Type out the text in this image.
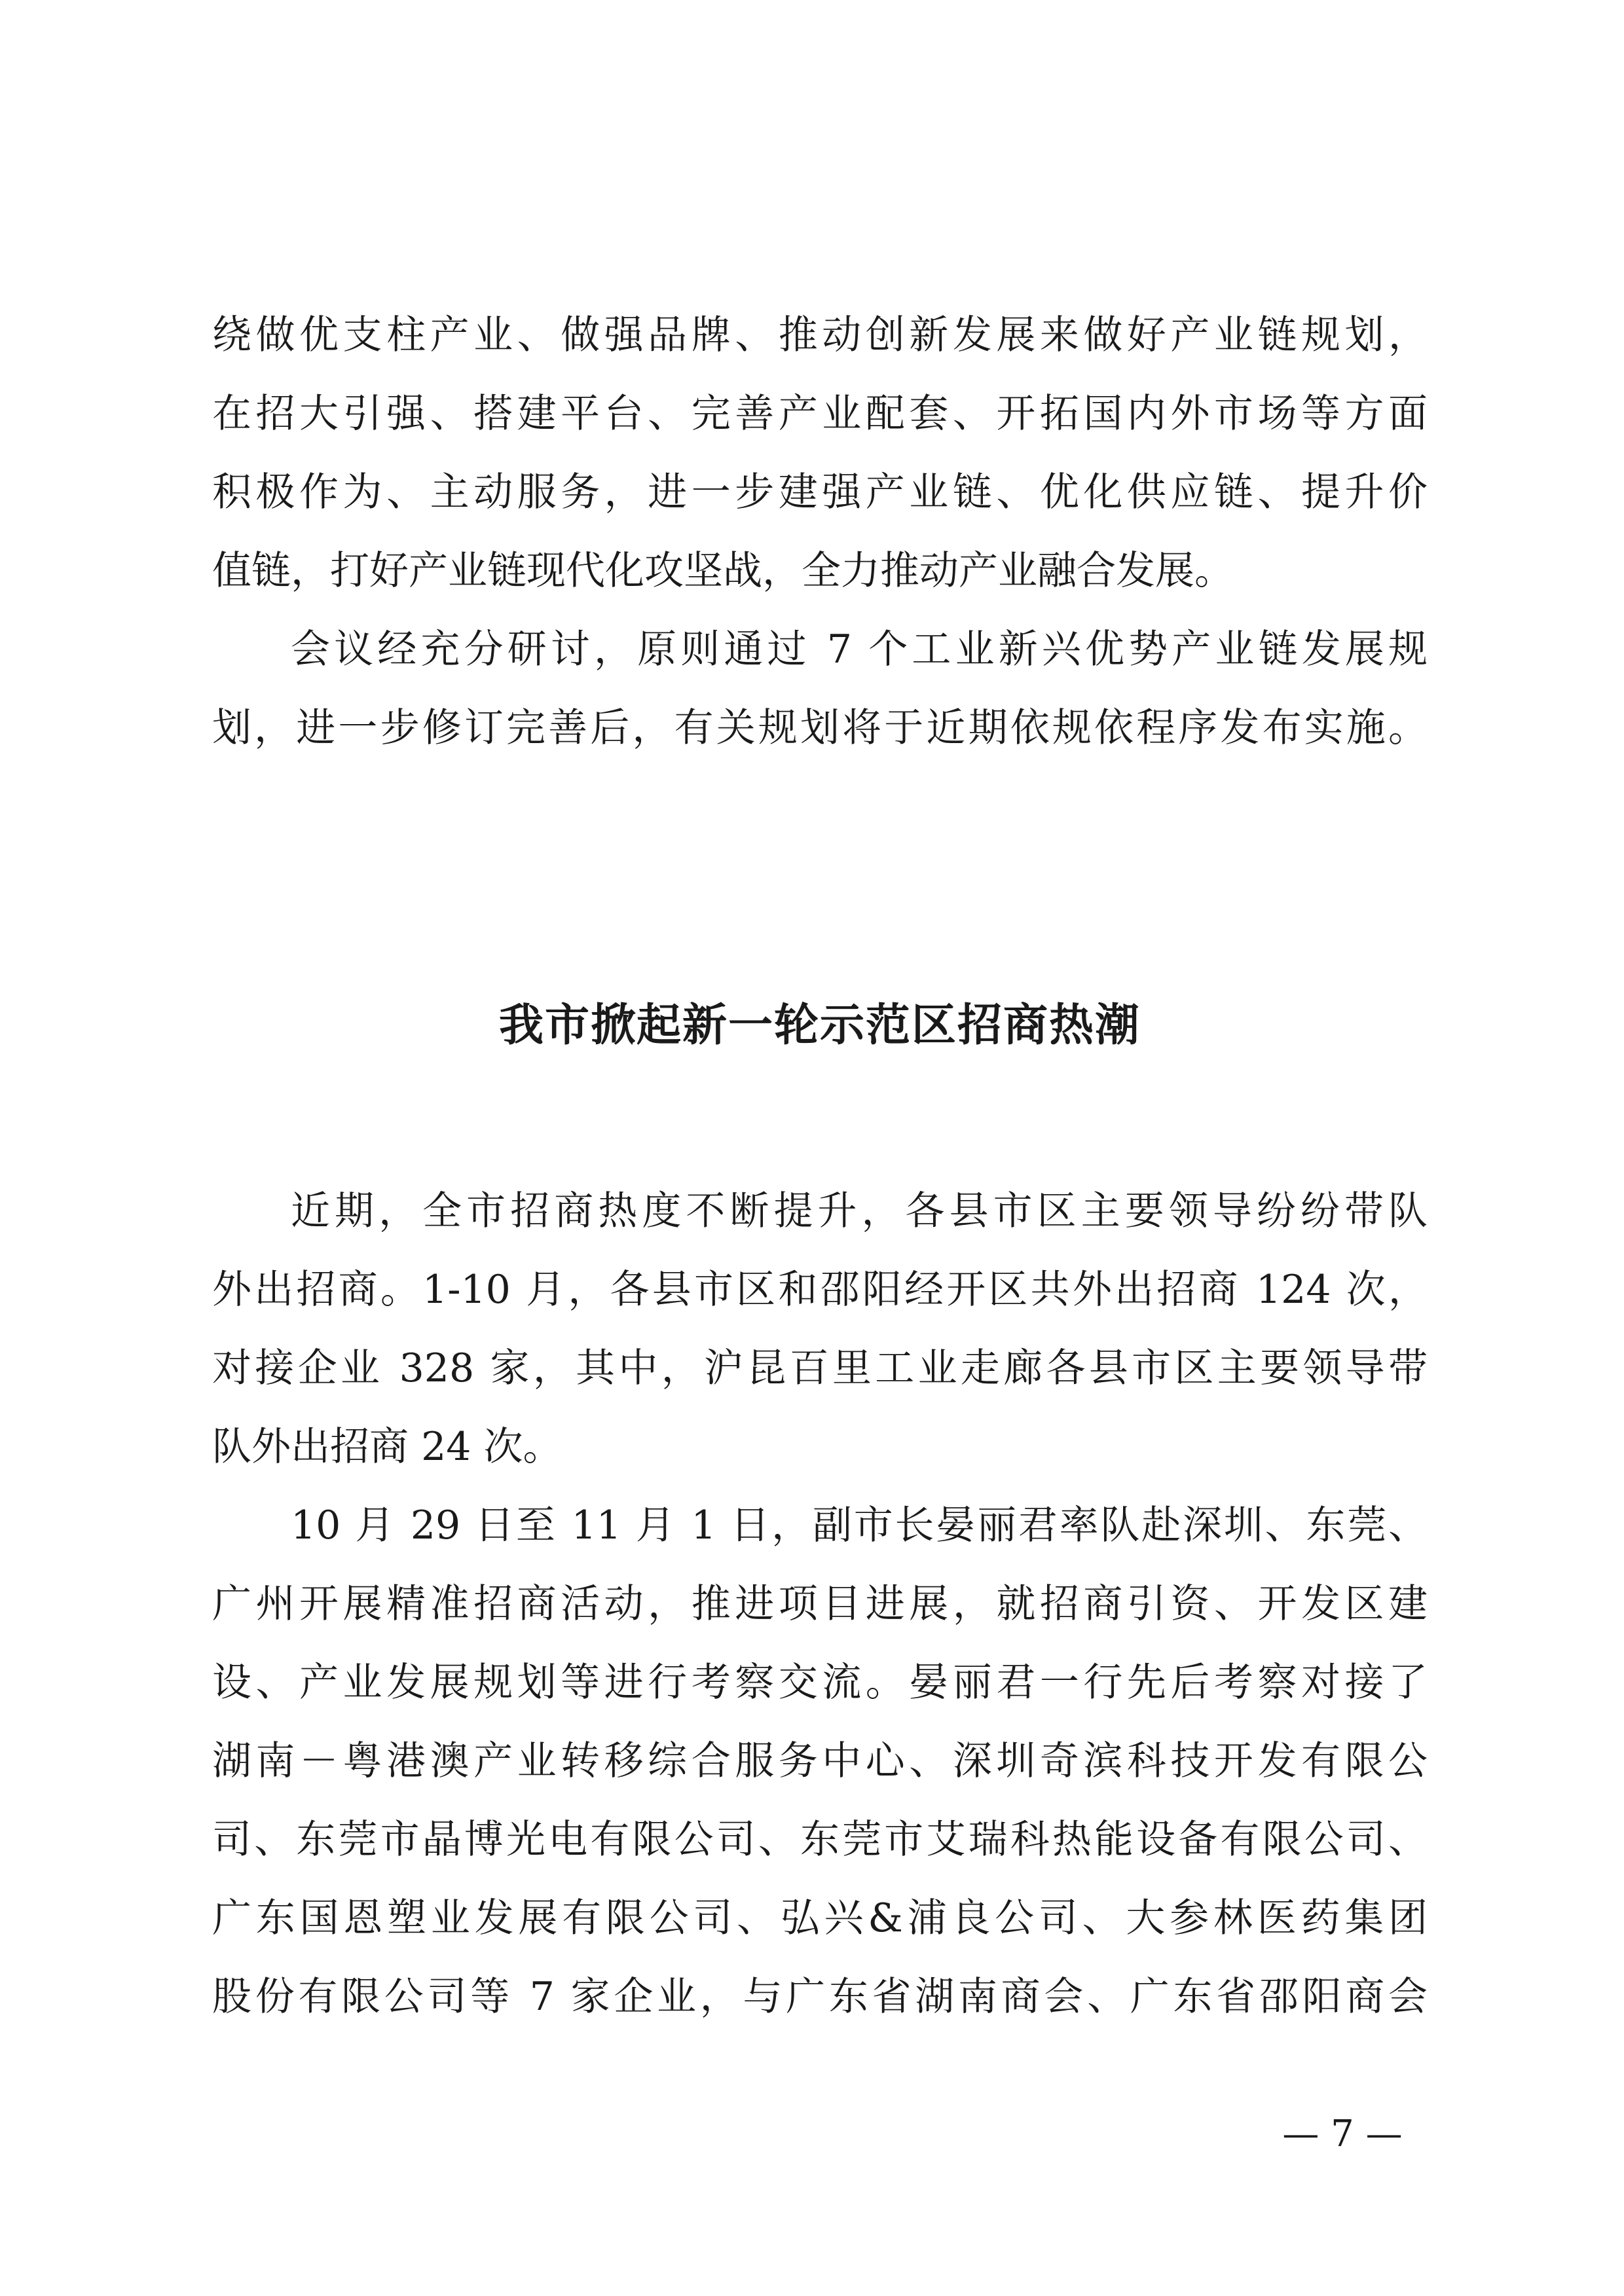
绕做优支柱产业、做强品牌、推动创新发展来做好产业链规划，
在招大引强、搭建平台、完善产业配套、开拓国内外市场等方面
积极作为、主动服务，进一步建强产业链、优化供应链、提升价
值链，打好产业链现代化攻坚战，全力推动产业融合发展。
会议经充分研讨，原则通过 7 个工业新兴优势产业链发展规
划，进一步修订完善后，有关规划将于近期依规依程序发布实施。
我市掀起新一轮示范区招商热潮
近期，全市招商热度不断提升，各县市区主要领导纷纷带队
外出招商。1-10 月，各县市区和邵阳经开区共外出招商 124 次，
对接企业 328 家，其中，沪昆百里工业走廊各县市区主要领导带
队外出招商 24 次。
10 月 29 日至 11 月 1 日，副市长晏丽君率队赴深圳、东莞、
广州开展精准招商活动，推进项目进展，就招商引资、开发区建
设、产业发展规划等进行考察交流。晏丽君一行先后考察对接了
湖南－粤港澳产业转移综合服务中心、深圳奇滨科技开发有限公
司、东莞市晶博光电有限公司、东莞市艾瑞科热能设备有限公司、
广东国恩塑业发展有限公司、弘兴&浦良公司、大参林医药集团
股份有限公司等 7 家企业，与广东省湖南商会、广东省邵阳商会
— 7 —
